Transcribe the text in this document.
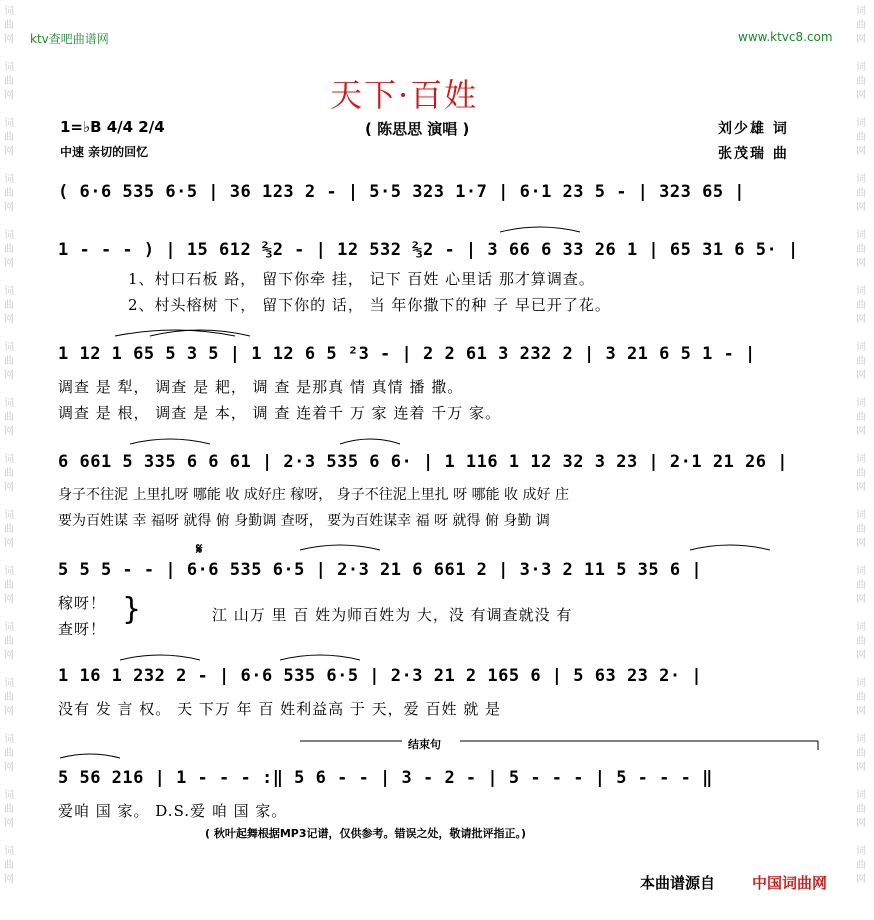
词
曲
网
词
曲
网
词
曲
网
词
曲
网
词
曲
网
词
曲
网
词
曲
网
词
曲
网
词
曲
网
词
曲
网
词
曲
网
词
曲
网
词
曲
网
词
曲
网
词
曲
网
词
曲
网
词
曲
网
词
曲
网
词
曲
网
词
曲
网
词
曲
网
词
曲
网
词
曲
网
词
曲
网
词
曲
网
词
曲
网
词
曲
网
词
曲
网
词
曲
网
词
曲
网
词
曲
网
词
曲
网
ktv查吧曲谱网	www.ktvc8.com
天下·百姓
1=♭B 4/4 2/4	( 陈思思 演唱 )
中速 亲切的回忆
刘少雄 词
张茂瑞 曲
( 6·6 535 6·5 | 36 123 2 - | 5·5 323 1·7 | 6·1 23 5 - | 323 65 |
1 - - - ) | 15 612 ⅔2 - | 12 532 ⅔2 - | 3 66 6 33 26 1 | 65 31 6 5· |
1、村口石板 路， 留下你牵 挂， 记下 百姓 心里话 那才算调查。
2、村头榕树 下， 留下你的 话， 当 年你撒下的种 子 早已开了花。
1 12 1 65 5 3 5 | 1 12 6 5 ²3 - | 2 2 61 3 232 2 | 3 21 6 5 1 - |
调查 是 犁， 调查 是 耙， 调 查 是那真 情 真情 播 撒。
调查 是 根， 调查 是 本， 调 查 连着千 万 家 连着 千万 家。
6 661 5 335 6 6 61 | 2·3 535 6 6· | 1 116 1 12 32 3 23 | 2·1 21 26 |
身子不往泥 上里扎呀 哪能 收 成好庄 稼呀， 身子不往泥上里扎 呀 哪能 收 成好 庄
要为百姓谋 幸 福呀 就得 俯 身勤调 查呀， 要为百姓谋幸 福 呀 就得 俯 身勤 调
𝄋
5 5 5 - - | 6·6 535 6·5 | 2·3 21 6 661 2 | 3·3 2 11 5 35 6 |
稼呀！
查呀！
}	江 山万 里 百 姓为师百姓为 大，没 有调查就没 有
1 16 1 232 2 - | 6·6 535 6·5 | 2·3 21 2 165 6 | 5 63 23 2· |
没有 发 言 权。 天 下万 年 百 姓利益高 于 天，爱 百姓 就 是
结束句
5 56 216 | 1 - - - :‖ 5 6 - - | 3 - 2 - | 5 - - - | 5 - - - ‖
爱咱 国 家。 D.S.爱 咱 国 家。
( 秋叶起舞根据MP3记谱，仅供参考。错误之处，敬请批评指正。)
本曲谱源自 中国词曲网
